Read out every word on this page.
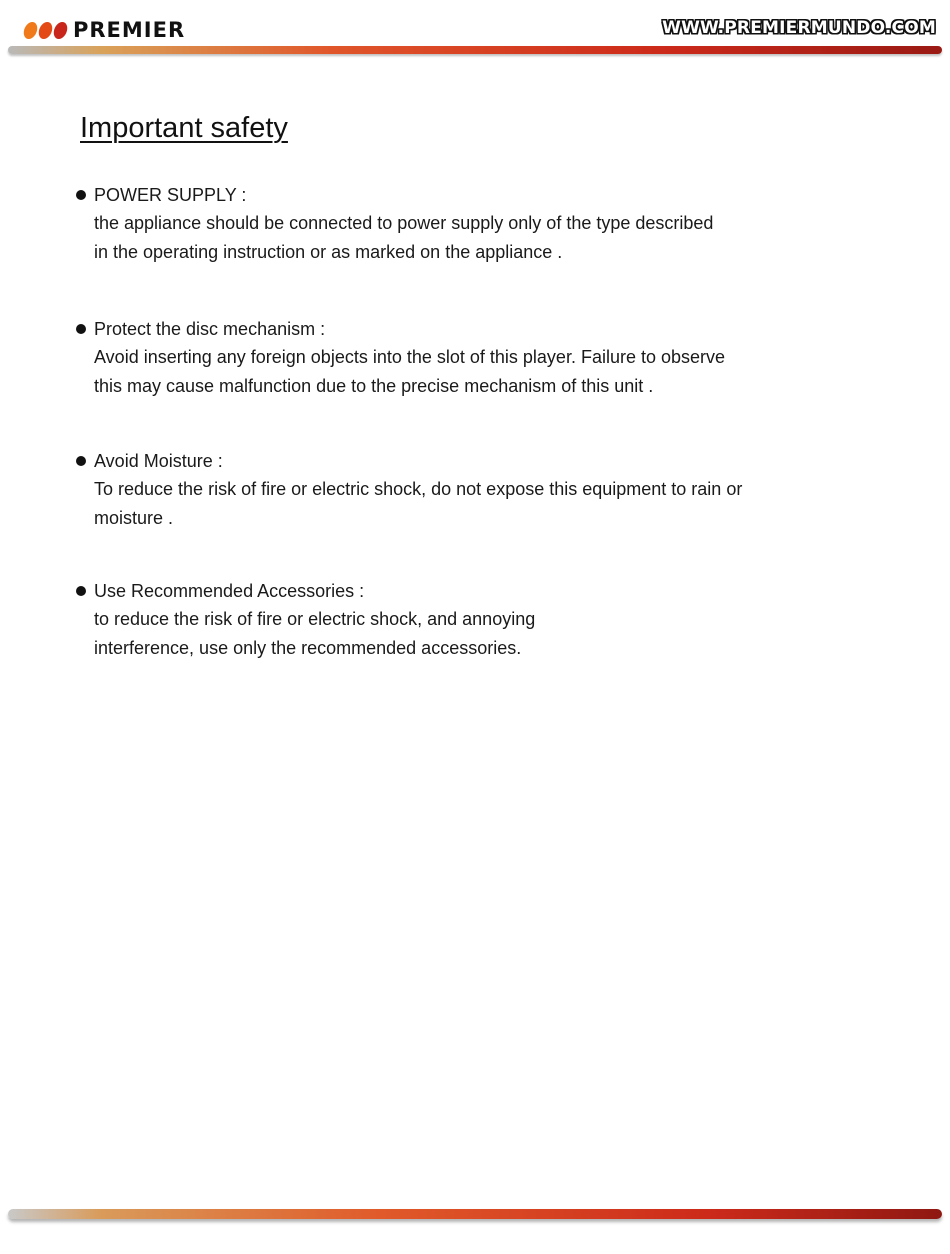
PREMIER	WWW.PREMIERMUNDO.COM
Important safety
POWER SUPPLY :

the appliance should be connected to power supply only of the type described
in the operating instruction or as marked on the appliance .

Protect the disc mechanism :

Avoid inserting any foreign objects into the slot of this player. Failure to observe
this may cause malfunction due to the precise mechanism of this unit .

Avoid Moisture :

To reduce the risk of fire or electric shock, do not expose this equipment to rain or
moisture .

Use Recommended Accessories :

to reduce the risk of fire or electric shock, and annoying
interference, use only the recommended accessories.
